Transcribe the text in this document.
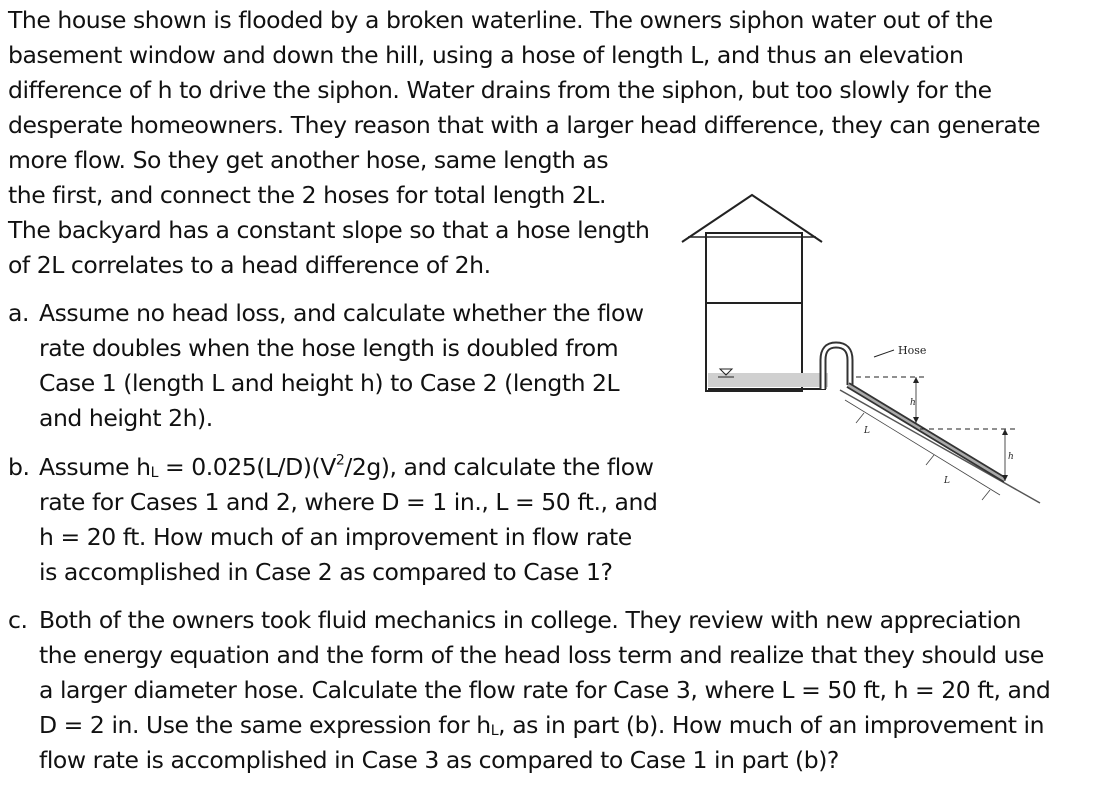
The house shown is flooded by a broken waterline. The owners siphon water out of the
basement window and down the hill, using a hose of length L, and thus an elevation
difference of h to drive the siphon. Water drains from the siphon, but too slowly for the
desperate homeowners. They reason that with a larger head difference, they can generate
more flow. So they get another hose, same length as
the first, and connect the 2 hoses for total length 2L.
The backyard has a constant slope so that a hose length
of 2L correlates to a head difference of 2h.
a. Assume no head loss, and calculate whether the flow
rate doubles when the hose length is doubled from
Case 1 (length L and height h) to Case 2 (length 2L
and height 2h).
b. Assume $h_L = 0.025(L/D)(V^2/2g)$, and calculate the flow
rate for Cases 1 and 2, where D = 1 in., L = 50 ft., and
h = 20 ft. How much of an improvement in flow rate
is accomplished in Case 2 as compared to Case 1?
c. Both of the owners took fluid mechanics in college. They review with new appreciation
the energy equation and the form of the head loss term and realize that they should use
a larger diameter hose. Calculate the flow rate for Case 3, where L = 50 ft, h = 20 ft, and
D = 2 in. Use the same expression for $h_L$, as in part (b). How much of an improvement in
flow rate is accomplished in Case 3 as compared to Case 1 in part (b)?
L
L
Hose
h
h
